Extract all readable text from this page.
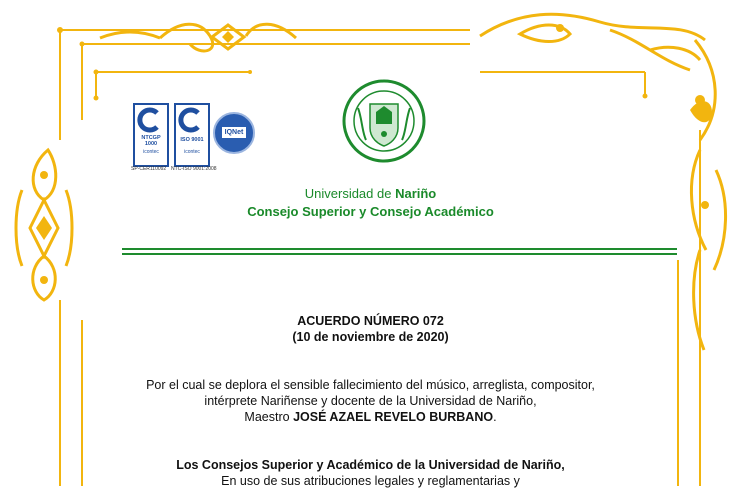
NTCGP 1000
icontec
SP-CER110092
ISO 9001
icontec
NTC-ISO 9001:2008
IQNet
Universidad de Nariño
Consejo Superior y Consejo Académico
ACUERDO NÚMERO 072
(10 de noviembre de 2020)
Por el cual se deplora el sensible fallecimiento del músico, arreglista, compositor,
intérprete Nariñense y docente de la Universidad de Nariño,
Maestro JOSÉ AZAEL REVELO BURBANO.
Los Consejos Superior y Académico de la Universidad de Nariño,
En uso de sus atribuciones legales y reglamentarias y
